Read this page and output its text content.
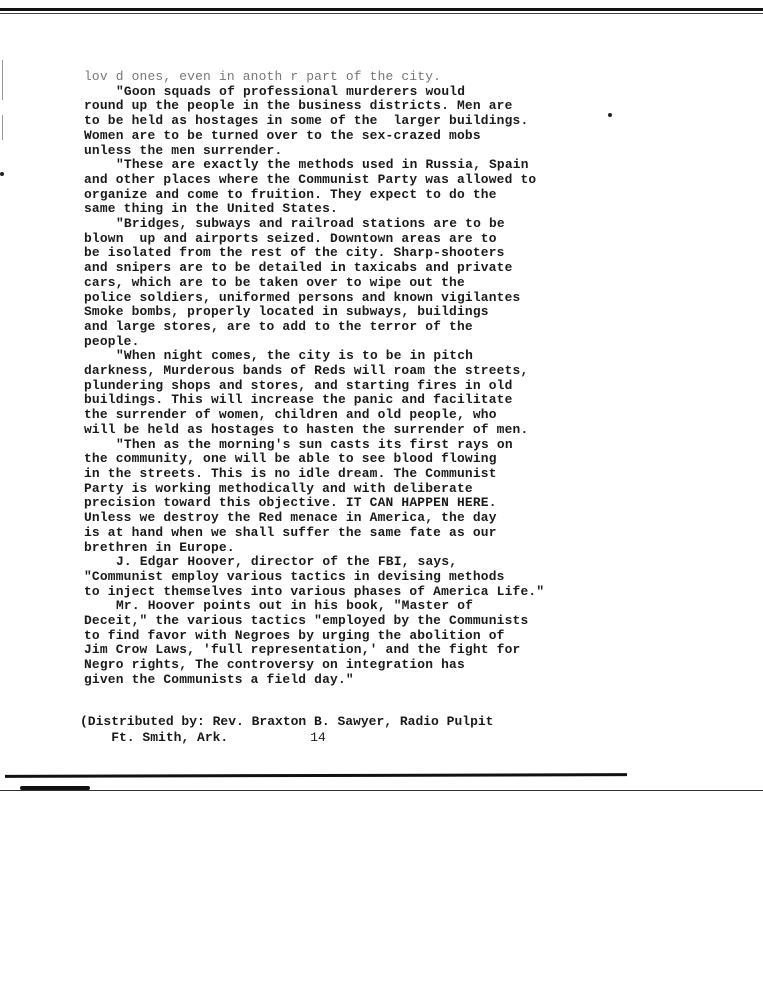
lov d ones, even in anoth r part of the city.
"Goon squads of professional murderers would
round up the people in the business districts. Men are
to be held as hostages in some of the  larger buildings.
Women are to be turned over to the sex-crazed mobs
unless the men surrender.
"These are exactly the methods used in Russia, Spain
and other places where the Communist Party was allowed to
organize and come to fruition. They expect to do the
same thing in the United States.
"Bridges, subways and railroad stations are to be
blown  up and airports seized. Downtown areas are to
be isolated from the rest of the city. Sharp-shooters
and snipers are to be detailed in taxicabs and private
cars, which are to be taken over to wipe out the
police soldiers, uniformed persons and known vigilantes
Smoke bombs, properly located in subways, buildings
and large stores, are to add to the terror of the
people.
"When night comes, the city is to be in pitch
darkness, Murderous bands of Reds will roam the streets,
plundering shops and stores, and starting fires in old
buildings. This will increase the panic and facilitate
the surrender of women, children and old people, who
will be held as hostages to hasten the surrender of men.
"Then as the morning's sun casts its first rays on
the community, one will be able to see blood flowing
in the streets. This is no idle dream. The Communist
Party is working methodically and with deliberate
precision toward this objective. IT CAN HAPPEN HERE.
Unless we destroy the Red menace in America, the day
is at hand when we shall suffer the same fate as our
brethren in Europe.
J. Edgar Hoover, director of the FBI, says,
"Communist employ various tactics in devising methods
to inject themselves into various phases of America Life."
Mr. Hoover points out in his book, "Master of
Deceit," the various tactics "employed by the Communists
to find favor with Negroes by urging the abolition of
Jim Crow Laws, 'full representation,' and the fight for
Negro rights, The controversy on integration has
given the Communists a field day."
(Distributed by: Rev. Braxton B. Sawyer, Radio Pulpit
Ft. Smith, Ark.	14
